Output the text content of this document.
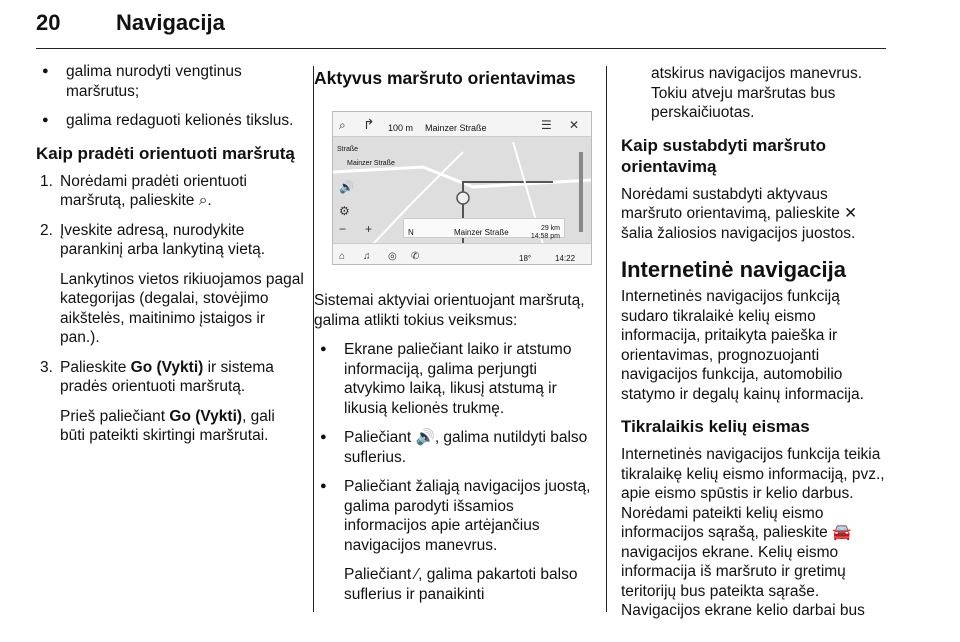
20	Navigacija

● galima nurodyti vengtinus maršrutus;

● galima redaguoti kelionės tikslus.

Kaip pradėti orientuoti maršrutą

1. Norėdami pradėti orientuoti maršrutą, palieskite ⌕.

2. Įveskite adresą, nurodykite parankinį arba lankytiną vietą.

Lankytinos vietos rikiuojamos pagal kategorijas (degalai, stovėjimo aikštelės, maitinimo įstaigos ir pan.).

3. Palieskite Go (Vykti) ir sistema pradės orientuoti maršrutą.

Prieš paliečiant Go (Vykti), gali būti pateikti skirtingi maršrutai.

Aktyvus maršruto orientavimas

⌕ ↱ 100 m Mainzer Straße	☰ ✕
Straße
Mainzer Straße
🔊
⚙
− +	N	Mainzer Straße	29 km
14:58 pm
⌂ ♫ ◎ ✆	18°	14:22

Sistemai aktyviai orientuojant maršrutą, galima atlikti tokius veiksmus:

● Ekrane paliečiant laiko ir atstumo informaciją, galima perjungti atvykimo laiką, likusį atstumą ir likusią kelionės trukmę.

● Paliečiant 🔊, galima nutildyti balso suflerius.

● Paliečiant žaliąją navigacijos juostą, galima parodyti išsamios informacijos apie artėjančius navigacijos manevrus.

Paliečiant ⁄, galima pakartoti balso suflerius ir panaikinti

atskirus navigacijos manevrus. Tokiu atveju maršrutas bus perskaičiuotas.

Kaip sustabdyti maršruto orientavimą

Norėdami sustabdyti aktyvaus maršruto orientavimą, palieskite ✕ šalia žaliosios navigacijos juostos.

Internetinė navigacija

Internetinės navigacijos funkciją sudaro tikralaikė kelių eismo informacija, pritaikyta paieška ir orientavimas, prognozuojanti navigacijos funkcija, automobilio statymo ir degalų kainų informacija.

Tikralaikis kelių eismas

Internetinės navigacijos funkcija teikia tikralaikę kelių eismo informaciją, pvz., apie eismo spūstis ir kelio darbus. Norėdami pateikti kelių eismo informacijos sąrašą, palieskite 🚘 navigacijos ekrane. Kelių eismo informacija iš maršruto ir gretimų teritorijų bus pateikta sąraše. Navigacijos ekrane kelio darbai bus
